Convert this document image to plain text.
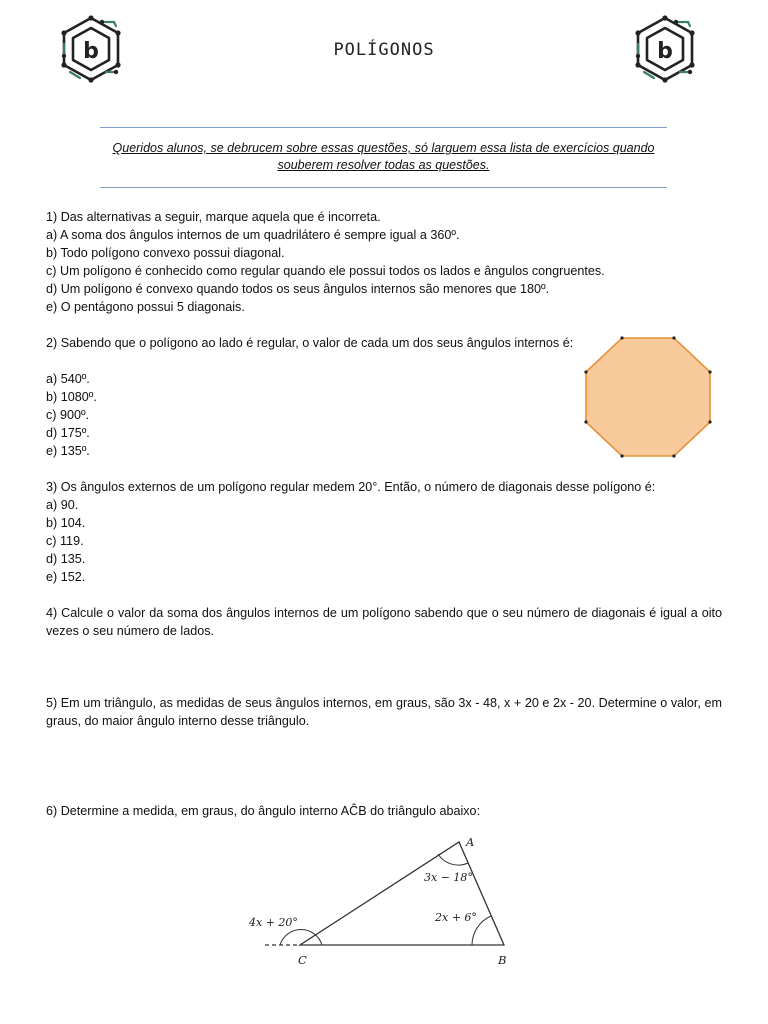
b	b
POLÍGONOS
Queridos alunos, se debrucem sobre essas questões, só larguem essa lista de exercícios quando souberem resolver todas as questões.

1) Das alternativas a seguir, marque aquela que é incorreta.

a) A soma dos ângulos internos de um quadrilátero é sempre igual a 360º.

b) Todo polígono convexo possui diagonal.

c) Um polígono é conhecido como regular quando ele possui todos os lados e ângulos congruentes.

d) Um polígono é convexo quando todos os seus ângulos internos são menores que 180º.

e) O pentágono possui 5 diagonais.

2) Sabendo que o polígono ao lado é regular, o valor de cada um dos seus ângulos internos é:

a) 540º.

b) 1080º.

c) 900º.

d) 175º.

e) 135º.

3) Os ângulos externos de um polígono regular medem 20°. Então, o número de diagonais desse polígono é:

a) 90.

b) 104.

c) 119.

d) 135.

e) 152.

4) Calcule o valor da soma dos ângulos internos de um polígono sabendo que o seu número de diagonais é igual a oito vezes o seu número de lados.

5) Em um triângulo, as medidas de seus ângulos internos, em graus, são 3x - 48, x + 20 e 2x - 20. Determine o valor, em graus, do maior ângulo interno desse triângulo.

6) Determine a medida, em graus, do ângulo interno AĈB do triângulo abaixo:

A
B
C
3x − 18°
2x + 6°
4x + 20°
